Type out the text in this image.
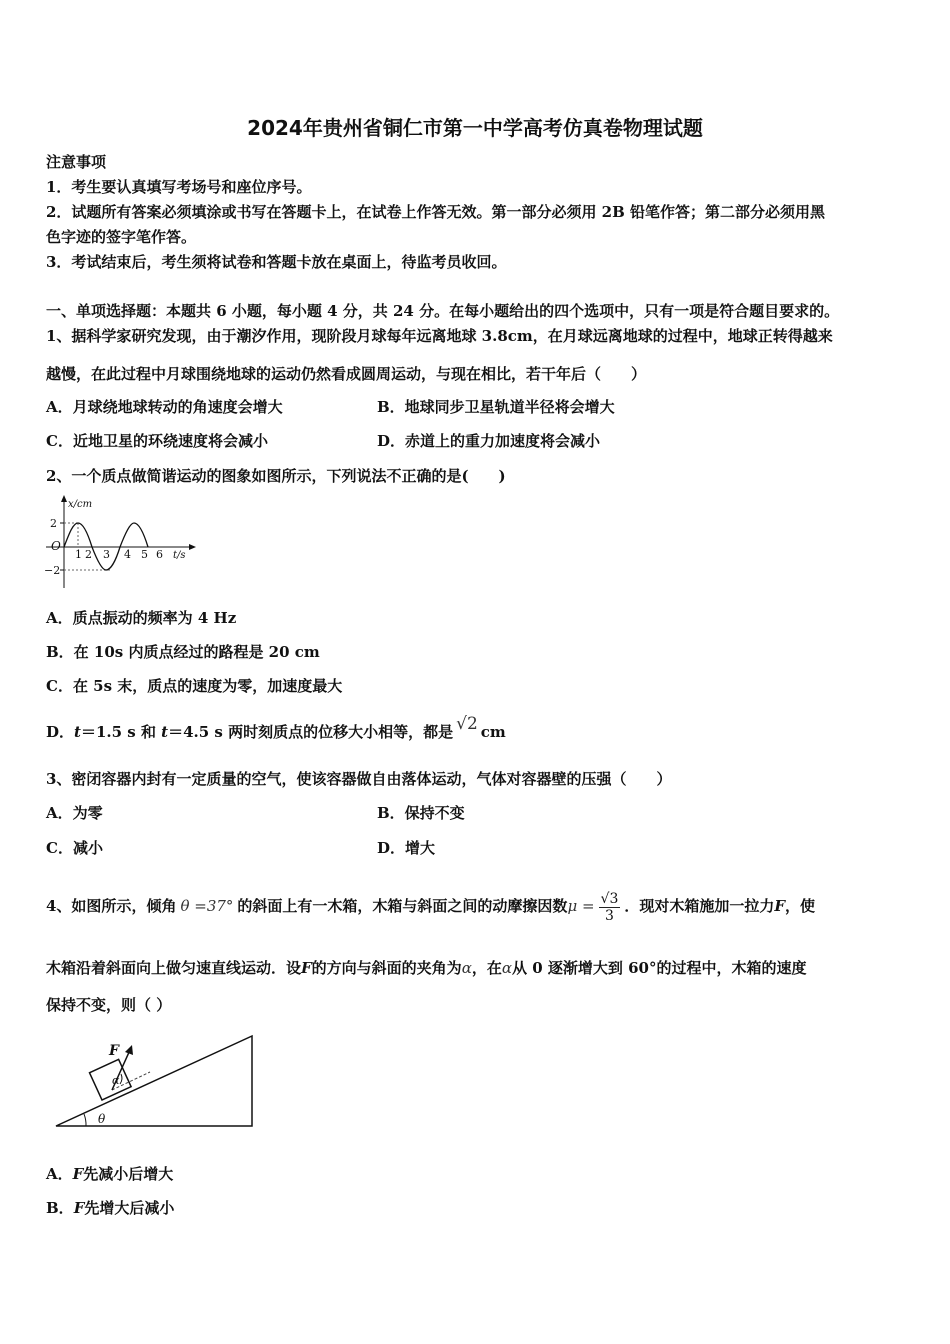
2024年贵州省铜仁市第一中学高考仿真卷物理试题
注意事项
1．考生要认真填写考场号和座位序号。
2．试题所有答案必须填涂或书写在答题卡上，在试卷上作答无效。第一部分必须用 2B 铅笔作答；第二部分必须用黑
色字迹的签字笔作答。
3．考试结束后，考生须将试卷和答题卡放在桌面上，待监考员收回。
一、单项选择题：本题共 6 小题，每小题 4 分，共 24 分。在每小题给出的四个选项中，只有一项是符合题目要求的。
1、据科学家研究发现，由于潮汐作用，现阶段月球每年远离地球 3.8cm，在月球远离地球的过程中，地球正转得越来
越慢，在此过程中月球围绕地球的运动仍然看成圆周运动，与现在相比，若干年后（　　）
A．月球绕地球转动的角速度会增大	B．地球同步卫星轨道半径将会增大
C．近地卫星的环绕速度将会减小	D．赤道上的重力加速度将会减小
2、一个质点做简谐运动的图象如图所示，下列说法不正确的是(　　)
x/cm
2
−2
O
1 2 3 4 5 6 t/s
A．质点振动的频率为 4 Hz
B．在 10s 内质点经过的路程是 20 cm
C．在 5s 末，质点的速度为零，加速度最大
D．t＝1.5 s 和 t＝4.5 s 两时刻质点的位移大小相等，都是 √2 cm
3、密闭容器内封有一定质量的空气，使该容器做自由落体运动，气体对容器壁的压强（　　）
A．为零	B．保持不变
C．减小	D．增大
4、如图所示，倾角 θ =37° 的斜面上有一木箱，木箱与斜面之间的动摩擦因数$\mu = \frac{√3}{3}$ ．现对木箱施加一拉力F，使
木箱沿着斜面向上做匀速直线运动．设F的方向与斜面的夹角为α，在α从 0 逐渐增大到 60°的过程中，木箱的速度
保持不变，则（ ）
F
α
θ
A．F先减小后增大
B．F先增大后减小
